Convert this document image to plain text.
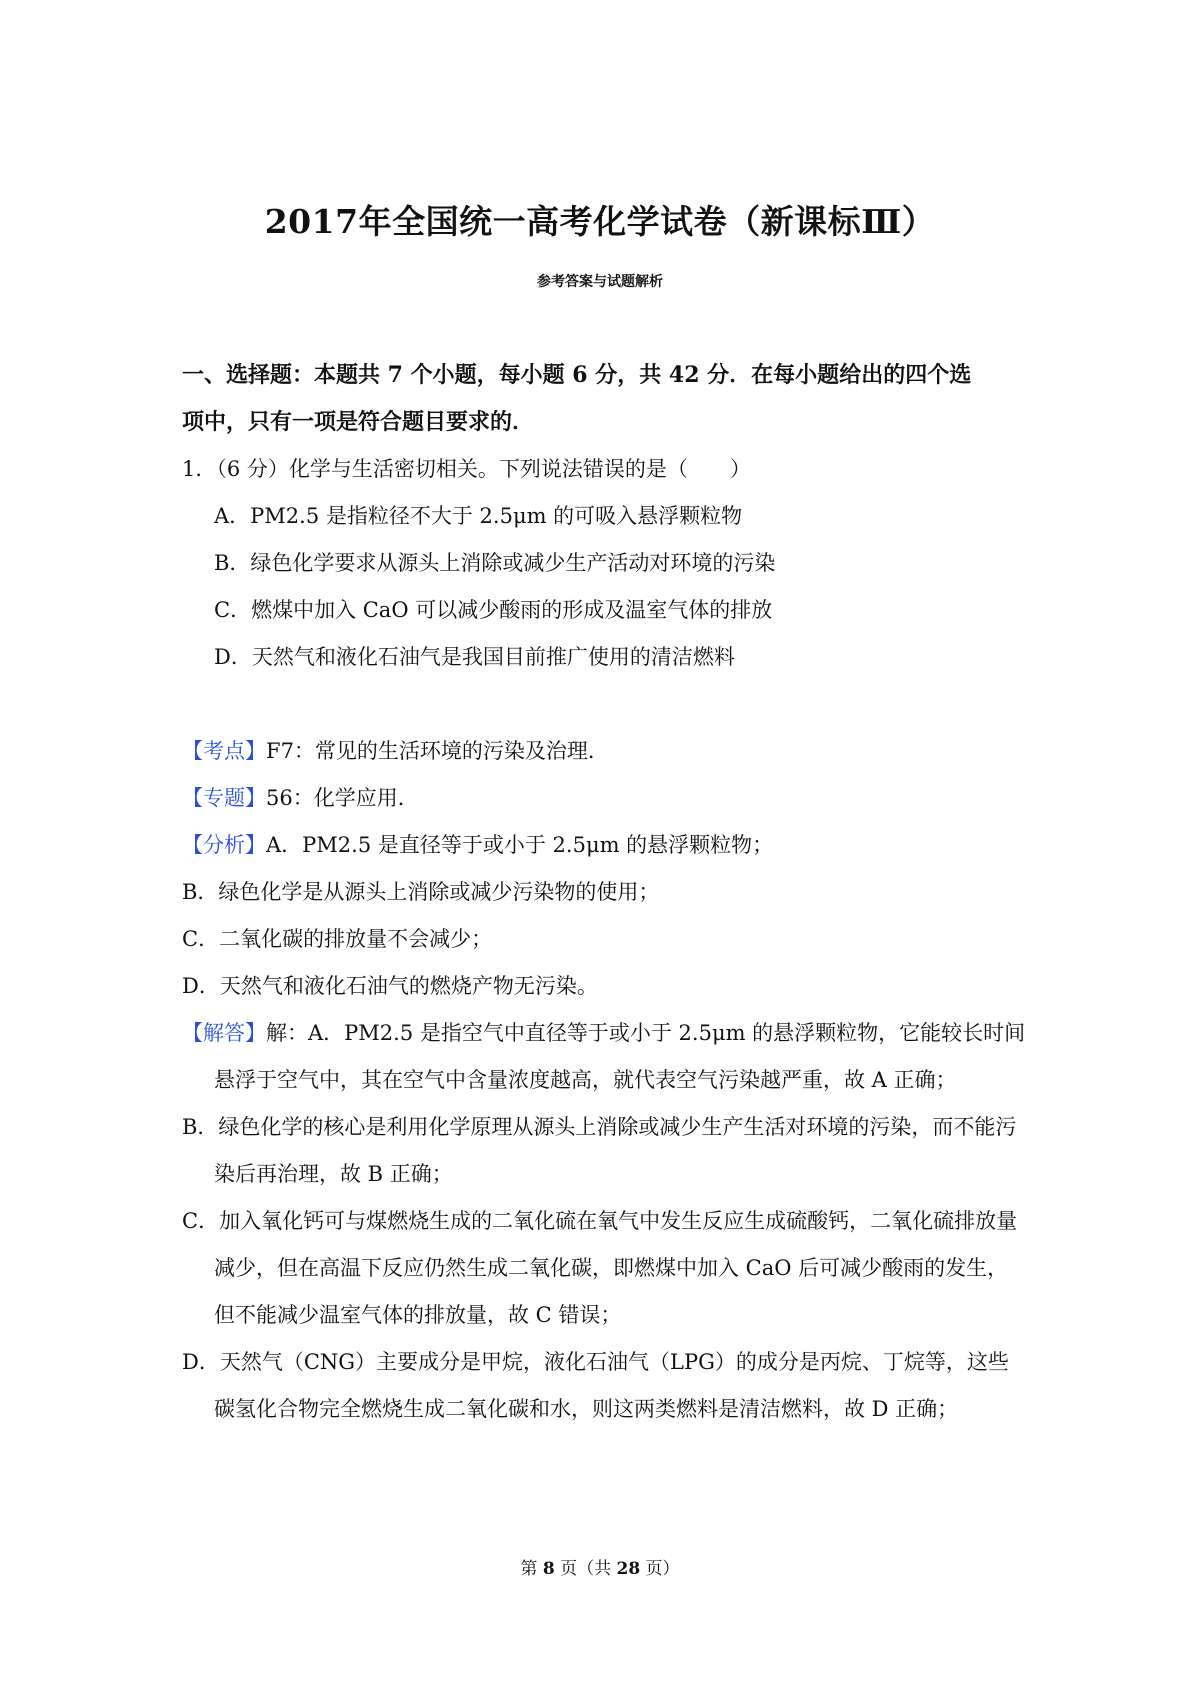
2017年全国统一高考化学试卷（新课标Ⅲ）
参考答案与试题解析
一、选择题：本题共 7 个小题，每小题 6 分，共 42 分．在每小题给出的四个选
项中，只有一项是符合题目要求的．

1．（6 分）化学与生活密切相关。下列说法错误的是（　　）

A．PM2.5 是指粒径不大于 2.5μm 的可吸入悬浮颗粒物

B．绿色化学要求从源头上消除或减少生产活动对环境的污染

C．燃煤中加入 CaO 可以减少酸雨的形成及温室气体的排放

D．天然气和液化石油气是我国目前推广使用的清洁燃料

【考点】F7：常见的生活环境的污染及治理．

【专题】56：化学应用．

【分析】A．PM2.5 是直径等于或小于 2.5μm 的悬浮颗粒物；

B．绿色化学是从源头上消除或减少污染物的使用；

C．二氧化碳的排放量不会减少；

D．天然气和液化石油气的燃烧产物无污染。

【解答】解：A．PM2.5 是指空气中直径等于或小于 2.5μm 的悬浮颗粒物，它能较长时间悬浮于空气中，其在空气中含量浓度越高，就代表空气污染越严重，故 A 正确；

B．绿色化学的核心是利用化学原理从源头上消除或减少生产生活对环境的污染，而不能污染后再治理，故 B 正确；

C．加入氧化钙可与煤燃烧生成的二氧化硫在氧气中发生反应生成硫酸钙，二氧化硫排放量减少，但在高温下反应仍然生成二氧化碳，即燃煤中加入 CaO 后可减少酸雨的发生，但不能减少温室气体的排放量，故 C 错误；

D．天然气（CNG）主要成分是甲烷，液化石油气（LPG）的成分是丙烷、丁烷等，这些碳氢化合物完全燃烧生成二氧化碳和水，则这两类燃料是清洁燃料，故 D 正确；

第 8 页（共 28 页）
